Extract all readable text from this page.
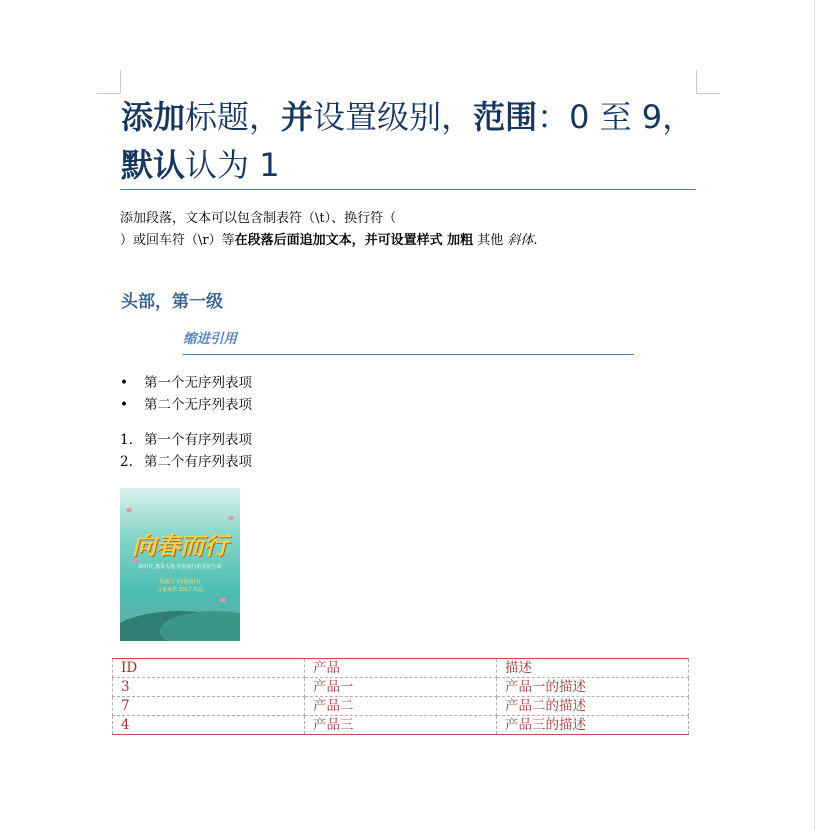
添加标题，并设置级别，范围：0 至 9，默认认为 1
添加段落，文本可以包含制表符（\t）、换行符（
）或回车符（\r）等在段落后面追加文本，并可设置样式 加粗 其他 斜体.
头部，第一级
缩进引用
•	第一个无序列表项
•	第二个无序列表项
1. 第一个有序列表项
2. 第二个有序列表项
向春而行
新时代 惠及大地 向春而行的美好生活
恒耐行 (向春而行)
合家欢乐 2017 出品
ID	产品	描述
3	产品一	产品一的描述
7	产品二	产品二的描述
4	产品三	产品三的描述
